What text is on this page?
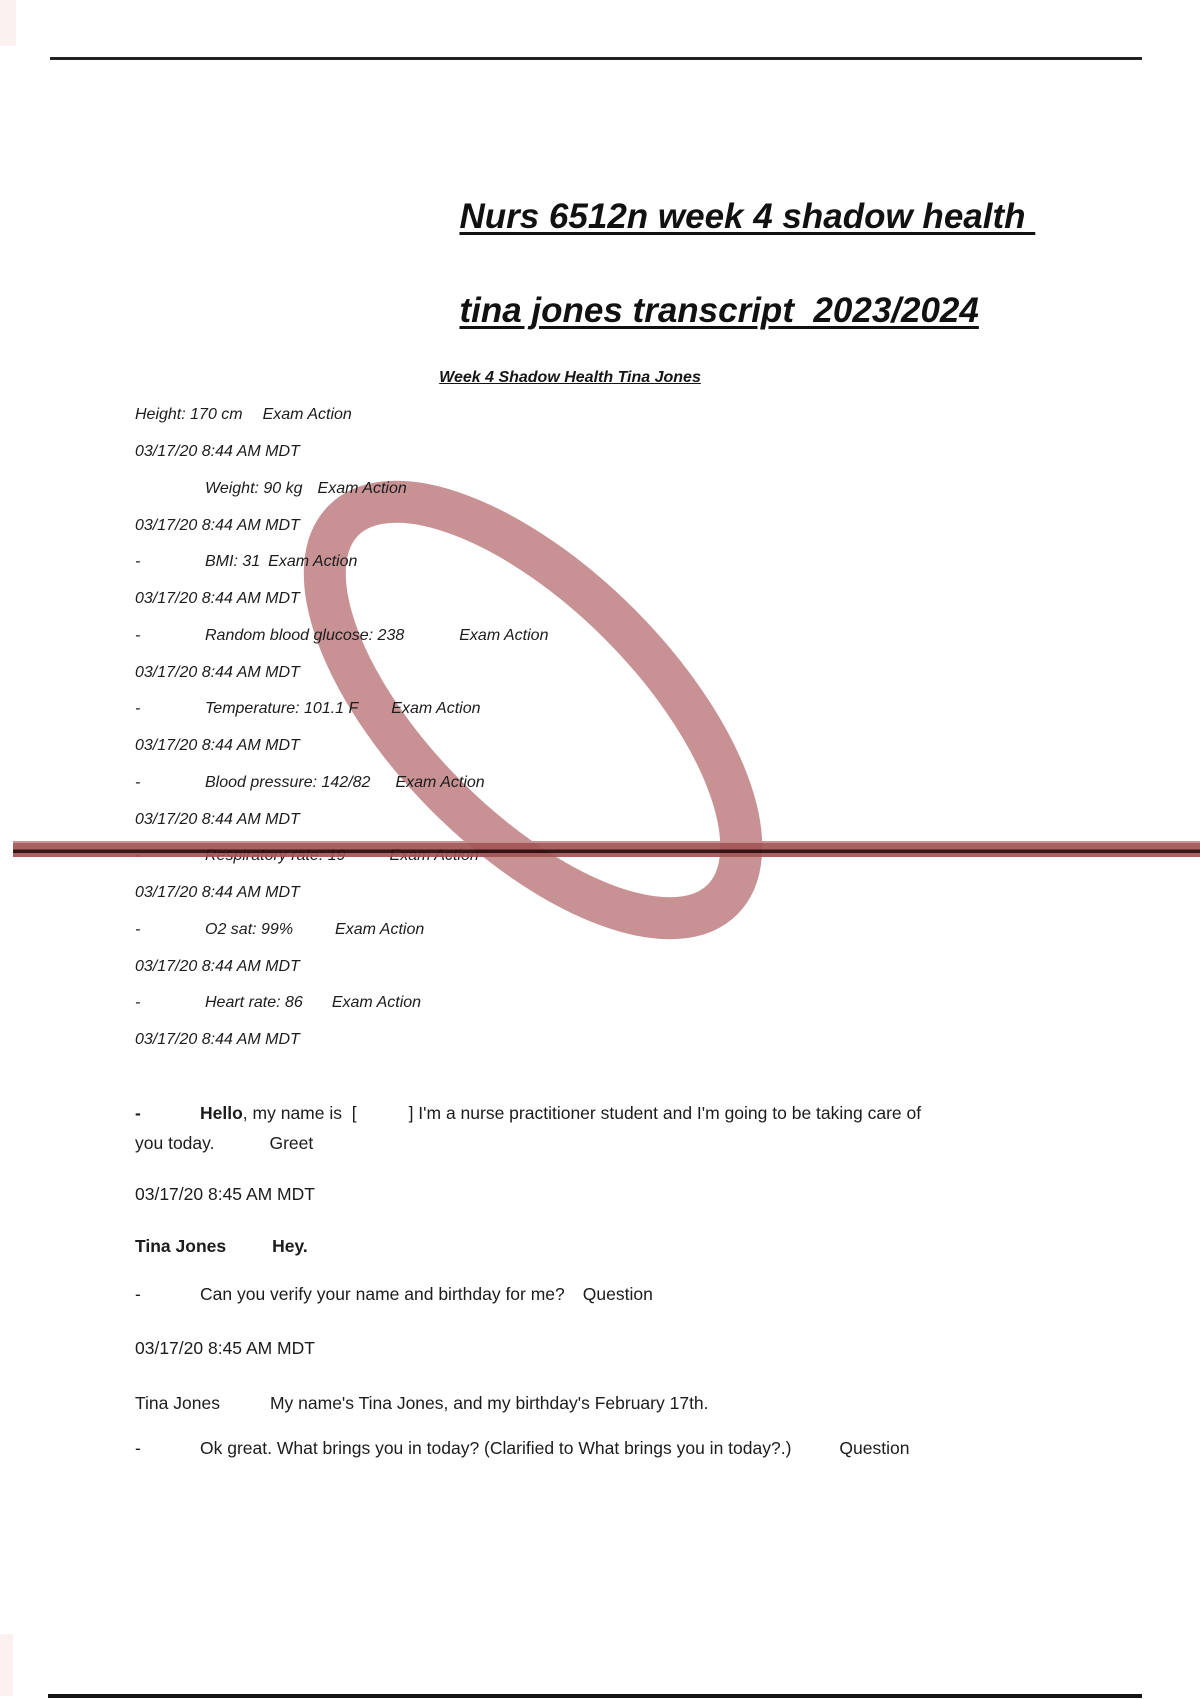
Nurs 6512n week 4 shadow health

tina jones transcript  2023/2024

Week 4 Shadow Health Tina Jones
Height: 170 cm Exam Action
03/17/20 8:44 AM MDT
Weight: 90 kg Exam Action
03/17/20 8:44 AM MDT
-	BMI: 31 Exam Action
03/17/20 8:44 AM MDT
-	Random blood glucose: 238	Exam Action
03/17/20 8:44 AM MDT
-	Temperature: 101.1 F Exam Action
03/17/20 8:44 AM MDT
-	Blood pressure: 142/82 Exam Action
03/17/20 8:44 AM MDT
03/17/20 8:44 AM MDT
-	O2 sat: 99%	Exam Action
03/17/20 8:44 AM MDT
-	Heart rate: 86 Exam Action
03/17/20 8:44 AM MDT
-	Hello , my name is  [	] I'm a nurse practitioner student and I'm going to be taking care of
you today.	Greet
03/17/20 8:45 AM MDT
Tina Jones	Hey.
-	Can you verify your name and birthday for me? Question
03/17/20 8:45 AM MDT
Tina Jones	My name's Tina Jones, and my birthday's February 17th.
-	Ok great. What brings you in today? (Clarified to What brings you in today?.)	Question
